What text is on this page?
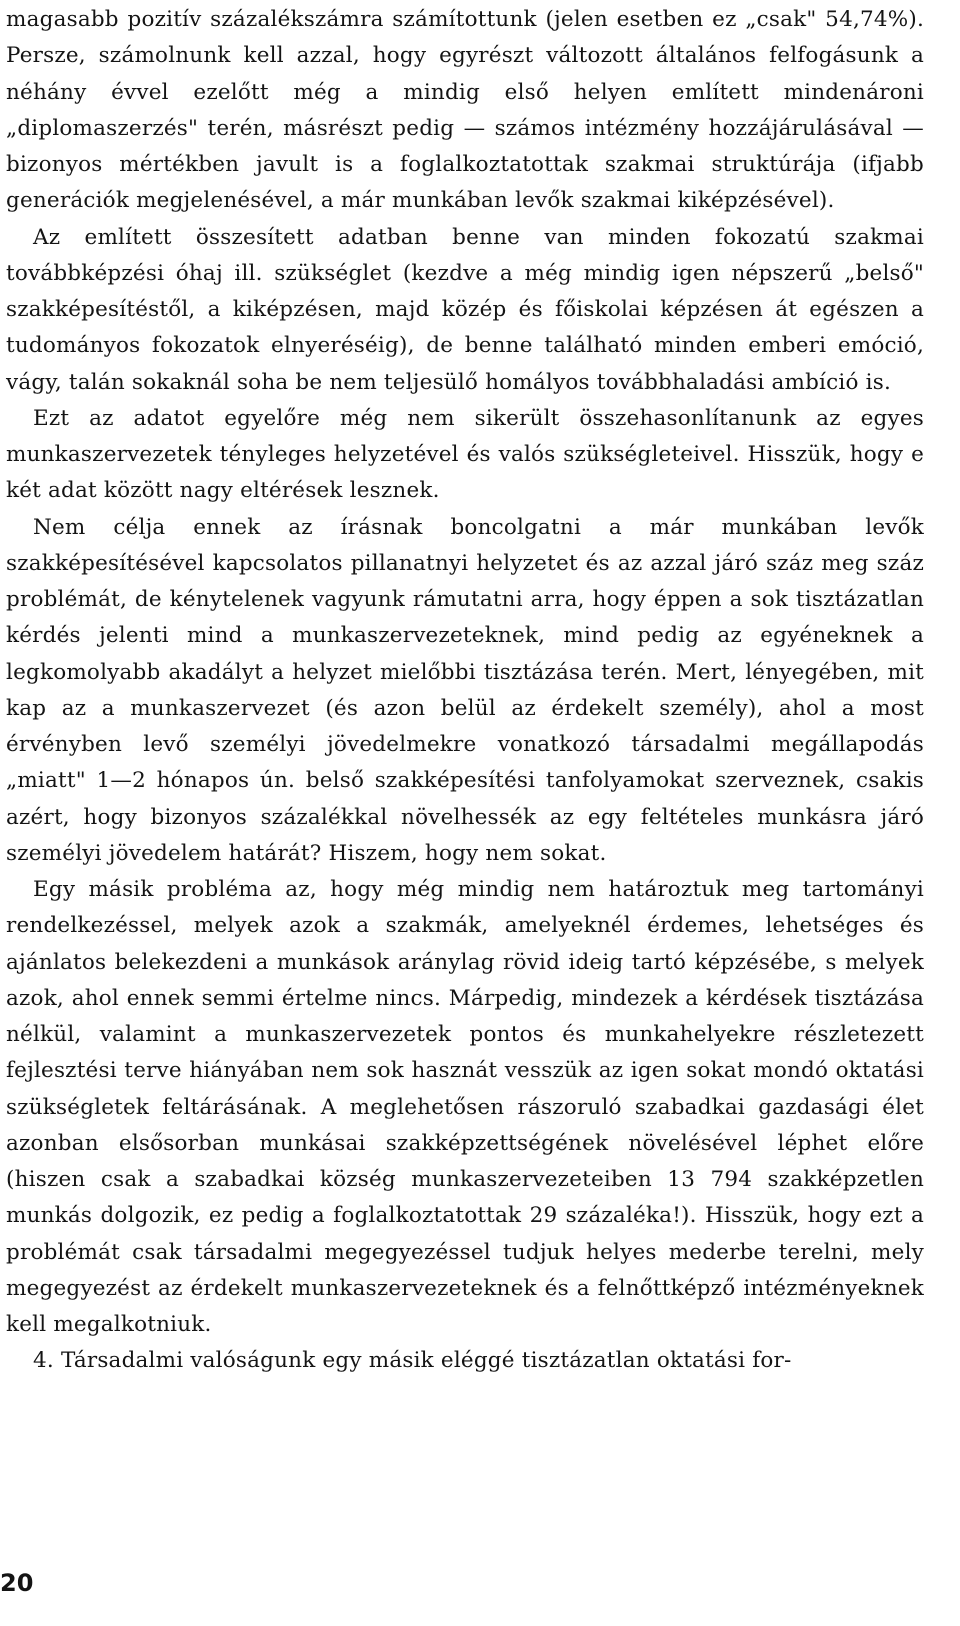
magasabb pozitív százalékszámra számítottunk (jelen esetben ez „csak" 54,74%). Persze, számolnunk kell azzal, hogy egyrészt változott általános felfogásunk a néhány évvel ezelőtt még a mindig első helyen említett mindenároni „diplomaszerzés" terén, másrészt pedig — számos intézmény hozzájárulásával — bizonyos mértékben javult is a foglalkoztatottak szakmai struktúrája (ifjabb generációk megjelenésével, a már munkában levők szakmai kiképzésével).

Az említett összesített adatban benne van minden fokozatú szakmai továbbképzési óhaj ill. szükséglet (kezdve a még mindig igen népszerű „belső" szakképesítéstől, a kiképzésen, majd közép és főiskolai képzésen át egészen a tudományos fokozatok elnyeréséig), de benne található minden emberi emóció, vágy, talán sokaknál soha be nem teljesülő homályos továbbhaladási ambíció is.

Ezt az adatot egyelőre még nem sikerült összehasonlítanunk az egyes munkaszervezetek tényleges helyzetével és valós szükségleteivel. Hisszük, hogy e két adat között nagy eltérések lesznek.

Nem célja ennek az írásnak boncolgatni a már munkában levők szakképesítésével kapcsolatos pillanatnyi helyzetet és az azzal járó száz meg száz problémát, de kénytelenek vagyunk rámutatni arra, hogy éppen a sok tisztázatlan kérdés jelenti mind a munkaszervezeteknek, mind pedig az egyéneknek a legkomolyabb akadályt a helyzet mielőbbi tisztázása terén. Mert, lényegében, mit kap az a munkaszervezet (és azon belül az érdekelt személy), ahol a most érvényben levő személyi jövedelmekre vonatkozó társadalmi megállapodás „miatt" 1—2 hónapos ún. belső szakképesítési tanfolyamokat szerveznek, csakis azért, hogy bizonyos százalékkal növelhessék az egy feltételes munkásra járó személyi jövedelem határát? Hiszem, hogy nem sokat.

Egy másik probléma az, hogy még mindig nem határoztuk meg tartományi rendelkezéssel, melyek azok a szakmák, amelyeknél érdemes, lehetséges és ajánlatos belekezdeni a munkások aránylag rövid ideig tartó képzésébe, s melyek azok, ahol ennek semmi értelme nincs. Márpedig, mindezek a kérdések tisztázása nélkül, valamint a munkaszervezetek pontos és munkahelyekre részletezett fejlesztési terve hiányában nem sok hasznát vesszük az igen sokat mondó oktatási szükségletek feltárásának. A meglehetősen rászoruló szabadkai gazdasági élet azonban elsősorban munkásai szakképzettségének növelésével léphet előre (hiszen csak a szabadkai község munkaszervezeteiben 13 794 szakképzetlen munkás dolgozik, ez pedig a foglalkoztatottak 29 százaléka!). Hisszük, hogy ezt a problémát csak társadalmi megegyezéssel tudjuk helyes mederbe terelni, mely megegyezést az érdekelt munkaszervezeteknek és a felnőttképző intézményeknek kell megalkotniuk.

4. Társadalmi valóságunk egy másik eléggé tisztázatlan oktatási for-

20
